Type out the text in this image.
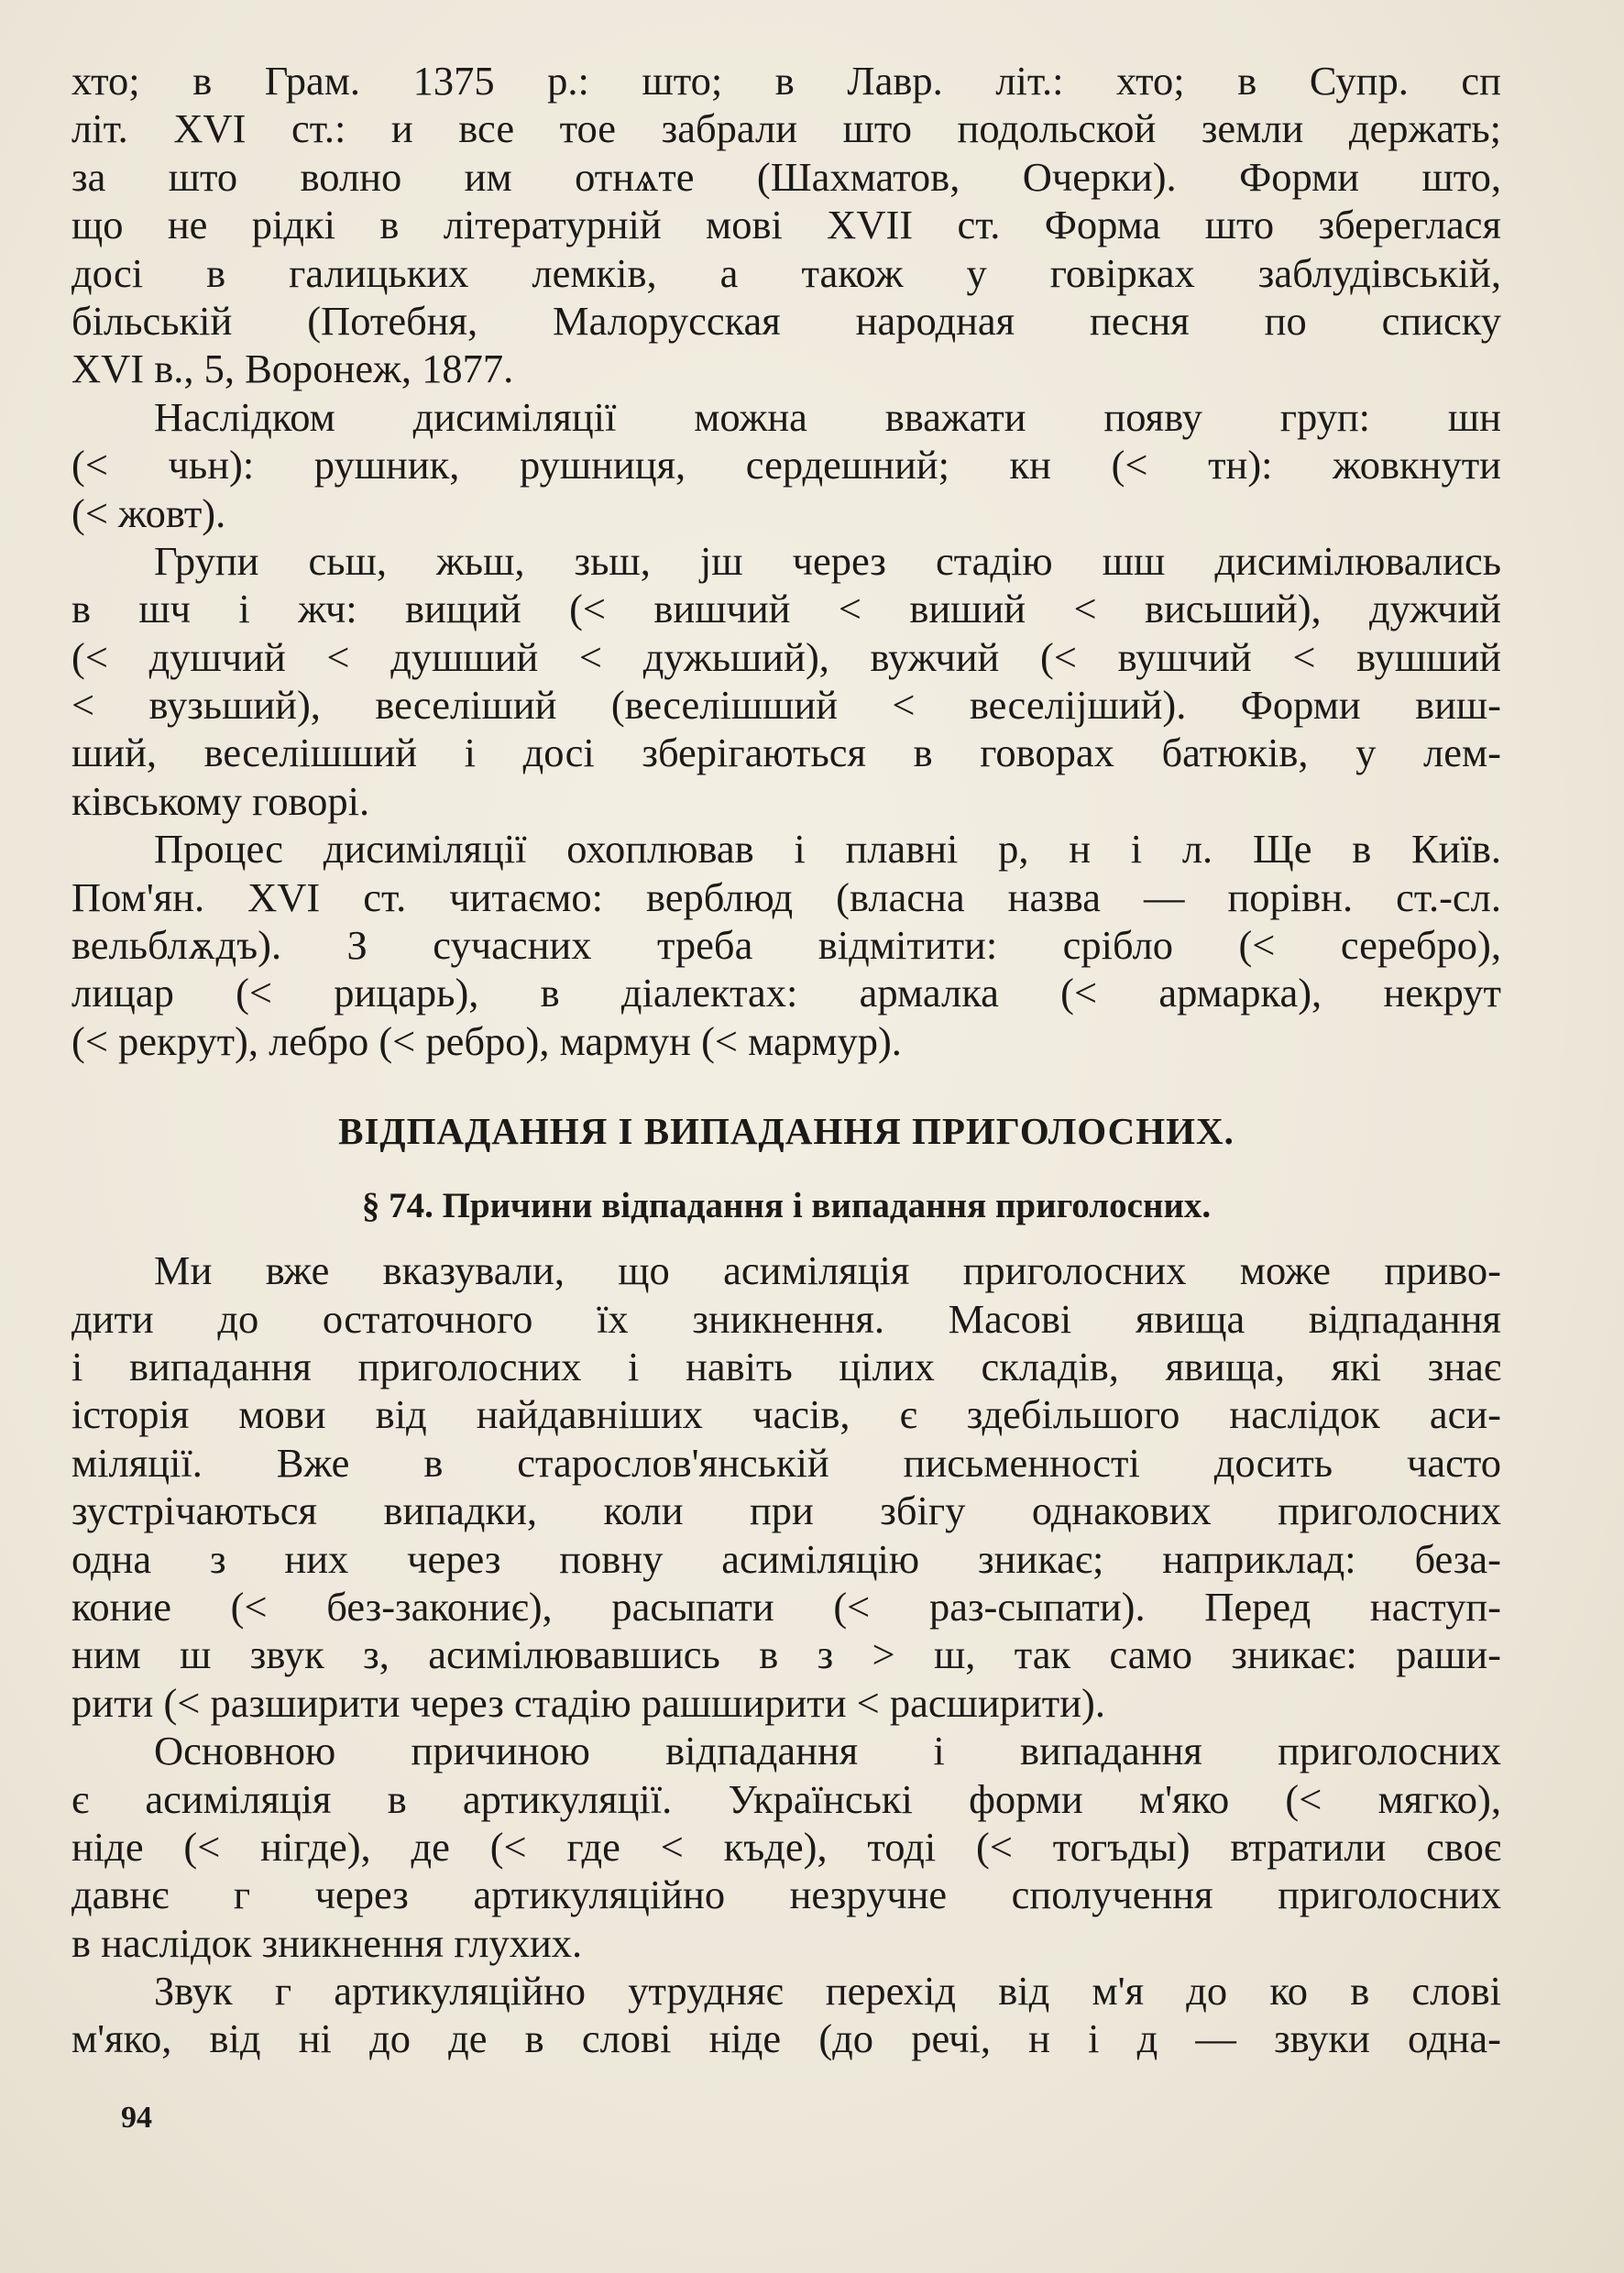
хто; в Грам. 1375 р.: што; в Лавр. літ.: хто; в Супр. сп

літ. XVI ст.: и все тое забрали што подольской земли держать;

за што волно им отнѧте (Шахматов, Очерки). Форми што,

що не рідкі в літературній мові XVII ст. Форма што збереглася

досі в галицьких лемків, а також у говірках заблудівській,

більській (Потебня, Малорусская народная песня по списку

XVI в., 5, Воронеж, 1877.

Наслідком дисиміляції можна вважати появу груп: шн

(< чьн): рушник, рушниця, сердешний; кн (< тн): жовкнути

(< жовт).

Групи сьш, жьш, зьш, јш через стадію шш дисимілювались

в шч і жч: вищий (< вишчий < виший < висьший), дужчий

(< душчий < душший < дужьший), вужчий (< вушчий < вушший

< вузьший), веселіший (веселішший < веселіјший). Форми виш-

ший, веселішший і досі зберігаються в говорах батюків, у лем-

ківському говорі.

Процес дисиміляції охоплював і плавні р, н і л. Ще в Київ.

Пом'ян. XVI ст. читаємо: верблюд (власна назва — порівн. ст.-сл.

вельблѫдъ). З сучасних треба відмітити: срібло (< серебро),

лицар (< рицарь), в діалектах: армалка (< армарка), некрут

(< рекрут), лебро (< ребро), мармун (< мармур).

ВІДПАДАННЯ І ВИПАДАННЯ ПРИГОЛОСНИХ.

§ 74. Причини відпадання і випадання приголосних.

Ми вже вказували, що асиміляція приголосних може приво-

дити до остаточного їх зникнення. Масові явища відпадання

і випадання приголосних і навіть цілих складів, явища, які знає

історія мови від найдавніших часів, є здебільшого наслідок аси-

міляції. Вже в старослов'янській письменності досить часто

зустрічаються випадки, коли при збігу однакових приголосних

одна з них через повну асиміляцію зникає; наприклад: беза-

коние (< без-закониє), расыпати (< раз-сыпати). Перед наступ-

ним ш звук з, асимілювавшись в з > ш, так само зникає: раши-

рити (< разширити через стадію рашширити < расширити).

Основною причиною відпадання і випадання приголосних

є асиміляція в артикуляції. Українські форми м'яко (< мягко),

ніде (< нігде), де (< где < къде), тоді (< тогъды) втратили своє

давнє г через артикуляційно незручне сполучення приголосних

в наслідок зникнення глухих.

Звук г артикуляційно утрудняє перехід від м'я до ко в слові

м'яко, від ні до де в слові ніде (до речі, н і д — звуки одна-

94
